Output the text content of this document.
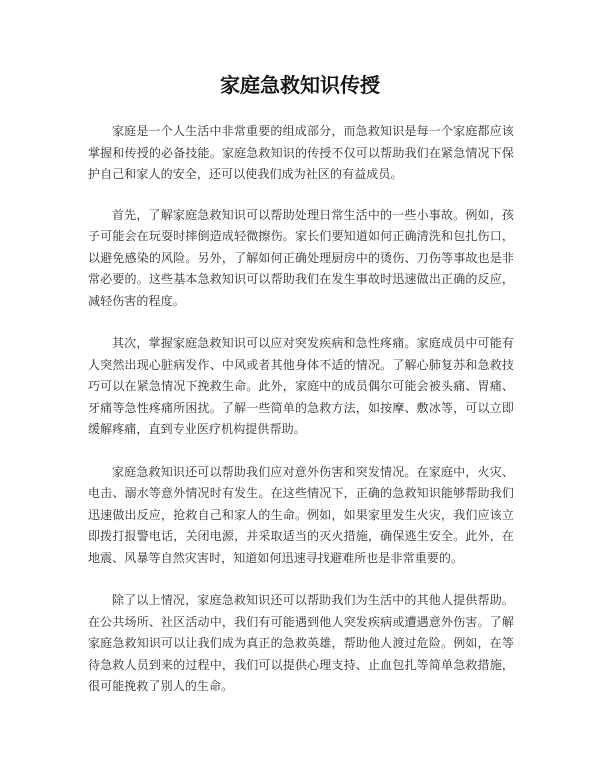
家庭急救知识传授

家庭是一个人生活中非常重要的组成部分，而急救知识是每一个家庭都应该掌握和传授的必备技能。家庭急救知识的传授不仅可以帮助我们在紧急情况下保护自己和家人的安全，还可以使我们成为社区的有益成员。

首先，了解家庭急救知识可以帮助处理日常生活中的一些小事故。例如，孩子可能会在玩耍时摔倒造成轻微擦伤。家长们要知道如何正确清洗和包扎伤口，以避免感染的风险。另外，了解如何正确处理厨房中的烫伤、刀伤等事故也是非常必要的。这些基本急救知识可以帮助我们在发生事故时迅速做出正确的反应，减轻伤害的程度。

其次，掌握家庭急救知识可以应对突发疾病和急性疼痛。家庭成员中可能有人突然出现心脏病发作、中风或者其他身体不适的情况。了解心肺复苏和急救技巧可以在紧急情况下挽救生命。此外，家庭中的成员偶尔可能会被头痛、胃痛、牙痛等急性疼痛所困扰。了解一些简单的急救方法，如按摩、敷冰等，可以立即缓解疼痛，直到专业医疗机构提供帮助。

家庭急救知识还可以帮助我们应对意外伤害和突发情况。在家庭中，火灾、电击、溺水等意外情况时有发生。在这些情况下，正确的急救知识能够帮助我们迅速做出反应，抢救自己和家人的生命。例如，如果家里发生火灾，我们应该立即拨打报警电话，关闭电源，并采取适当的灭火措施，确保逃生安全。此外，在地震、风暴等自然灾害时，知道如何迅速寻找避难所也是非常重要的。

除了以上情况，家庭急救知识还可以帮助我们为生活中的其他人提供帮助。在公共场所、社区活动中，我们有可能遇到他人突发疾病或遭遇意外伤害。了解家庭急救知识可以让我们成为真正的急救英雄，帮助他人渡过危险。例如，在等待急救人员到来的过程中，我们可以提供心理支持、止血包扎等简单急救措施，很可能挽救了别人的生命。
